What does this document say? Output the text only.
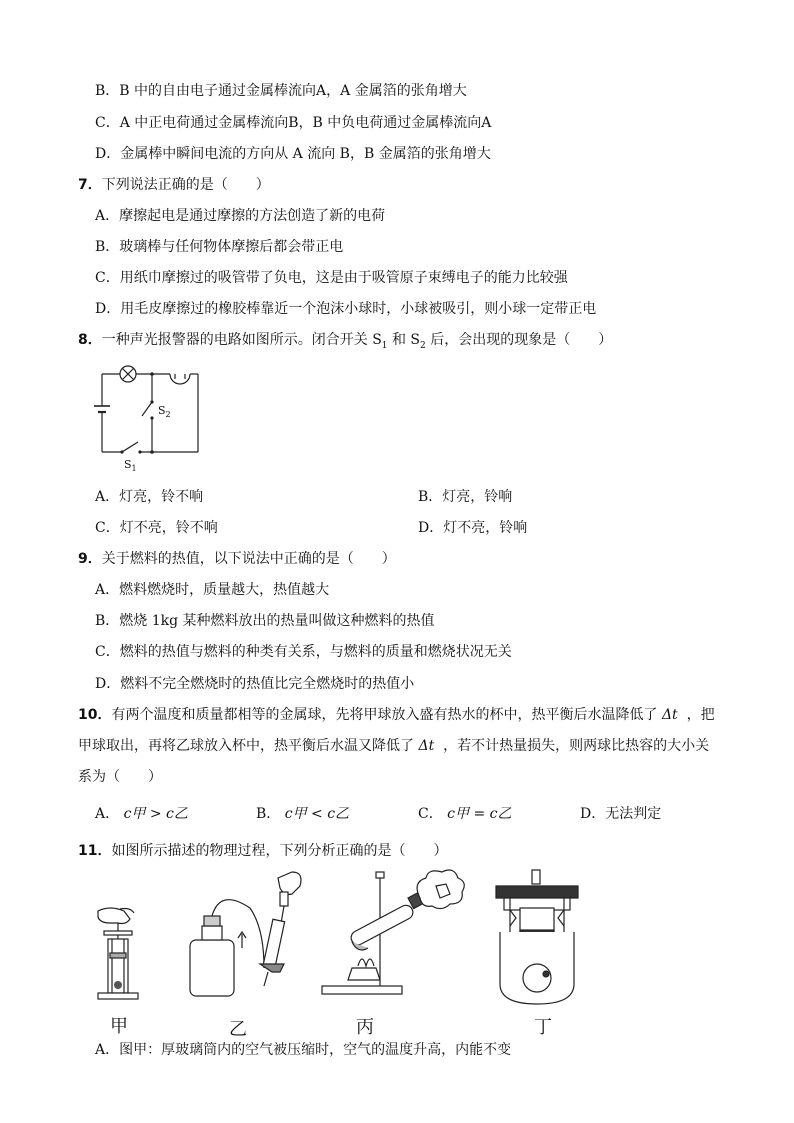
B．B 中的自由电子通过金属棒流向A，A 金属箔的张角增大
C．A 中正电荷通过金属棒流向B，B 中负电荷通过金属棒流向A
D．金属棒中瞬间电流的方向从 A 流向 B，B 金属箔的张角增大
7．下列说法正确的是（　　）
A．摩擦起电是通过摩擦的方法创造了新的电荷
B．玻璃棒与任何物体摩擦后都会带正电
C．用纸巾摩擦过的吸管带了负电，这是由于吸管原子束缚电子的能力比较强
D．用毛皮摩擦过的橡胶棒靠近一个泡沫小球时，小球被吸引，则小球一定带正电
8．一种声光报警器的电路如图所示。闭合开关 $S_1$ 和 $S_2$ 后，会出现的现象是（　　）
$S_2$
$S_1$
A．灯亮，铃不响	B．灯亮，铃响
C．灯不亮，铃不响	D．灯不亮，铃响
9．关于燃料的热值，以下说法中正确的是（　　）
A．燃料燃烧时，质量越大，热值越大
B．燃烧 1kg 某种燃料放出的热量叫做这种燃料的热值
C．燃料的热值与燃料的种类有关系，与燃料的质量和燃烧状况无关
D．燃料不完全燃烧时的热值比完全燃烧时的热值小
10．有两个温度和质量都相等的金属球，先将甲球放入盛有热水的杯中，热平衡后水温降低了 Δt ，把
甲球取出，再将乙球放入杯中，热平衡后水温又降低了 Δt ，若不计热量损失，则两球比热容的大小关
系为（　　）
A． c甲 > c乙	B． c甲 < c乙	C． c甲 = c乙	D．无法判定
11．如图所示描述的物理过程，下列分析正确的是（　　）
甲	乙	丙	丁
A．图甲：厚玻璃筒内的空气被压缩时，空气的温度升高，内能不变
